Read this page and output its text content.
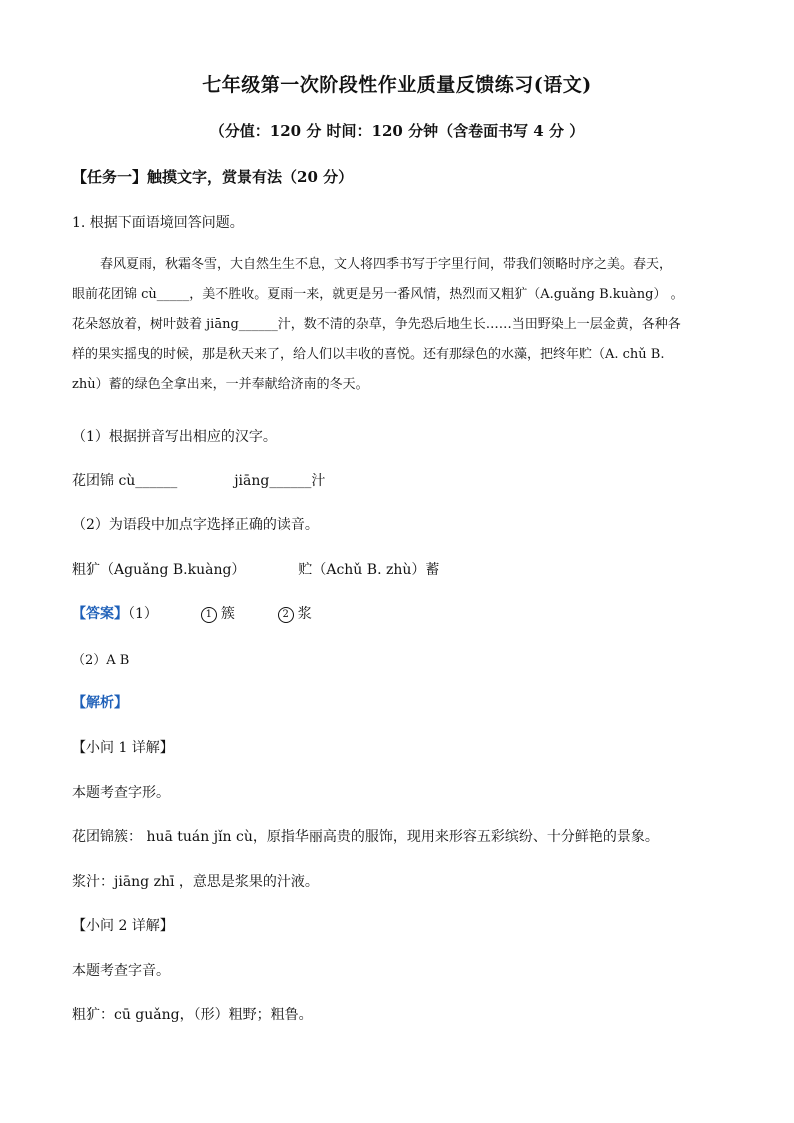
七年级第一次阶段性作业质量反馈练习(语文)
（分值：120 分 时间：120 分钟（含卷面书写 4 分 ）
【任务一】触摸文字，赏景有法（20 分）
1. 根据下面语境回答问题。

春风夏雨，秋霜冬雪，大自然生生不息，文人将四季书写于字里行间，带我们领略时序之美。春天，

眼前花团锦 cù_____，美不胜收。夏雨一来，就更是另一番风情，热烈而又粗犷（A.guǎng B.kuàng） 。

花朵怒放着，树叶鼓着 jiāng______汁，数不清的杂草，争先恐后地生长……当田野染上一层金黄，各种各

样的果实摇曳的时候，那是秋天来了，给人们以丰收的喜悦。还有那绿色的水藻，把终年贮（A. chǔ B.

zhù）蓄的绿色全拿出来，一并奉献给济南的冬天。

（1）根据拼音写出相应的汉字。
花团锦 cù______	jiāng______汁
（2）为语段中加点字选择正确的读音。
粗犷（Aguǎng B.kuàng）	贮（Achǔ B. zhù）蓄
【答案】（1）	1 簇	2 浆
（2）A B
【解析】
【小问 1 详解】
本题考查字形。
花团锦簇： huā tuán jǐn cù，原指华丽高贵的服饰，现用来形容五彩缤纷、十分鲜艳的景象。
浆汁：jiāng zhī ，意思是浆果的汁液。
【小问 2 详解】
本题考查字音。
粗犷：cū guǎng，（形）粗野；粗鲁。
